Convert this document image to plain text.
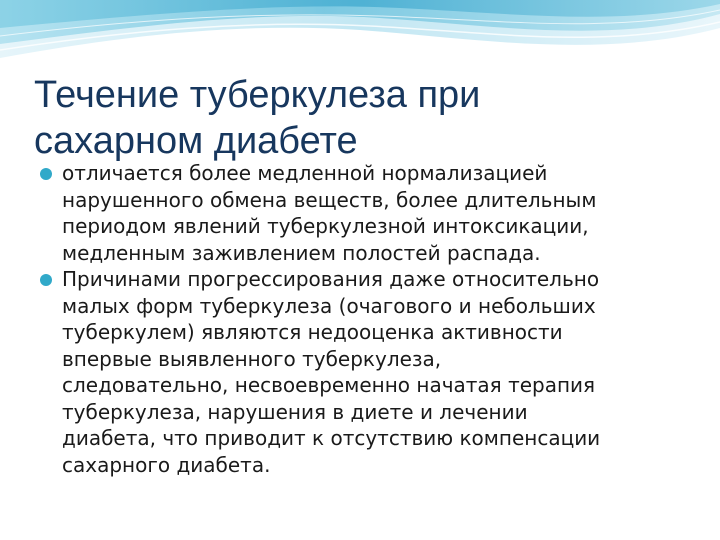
Течение туберкулеза при
сахарном диабете
отличается более медленной нормализацией
нарушенного обмена веществ, более длительным
периодом явлений туберкулезной интоксикации,
медленным заживлением полостей распада.
Причинами прогрессирования даже относительно
малых форм туберкулеза (очагового и небольших
туберкулем) являются недооценка активности
впервые выявленного туберкулеза,
следовательно, несвоевременно начатая терапия
туберкулеза, нарушения в диете и лечении
диабета, что приводит к отсутствию компенсации
сахарного диабета.
